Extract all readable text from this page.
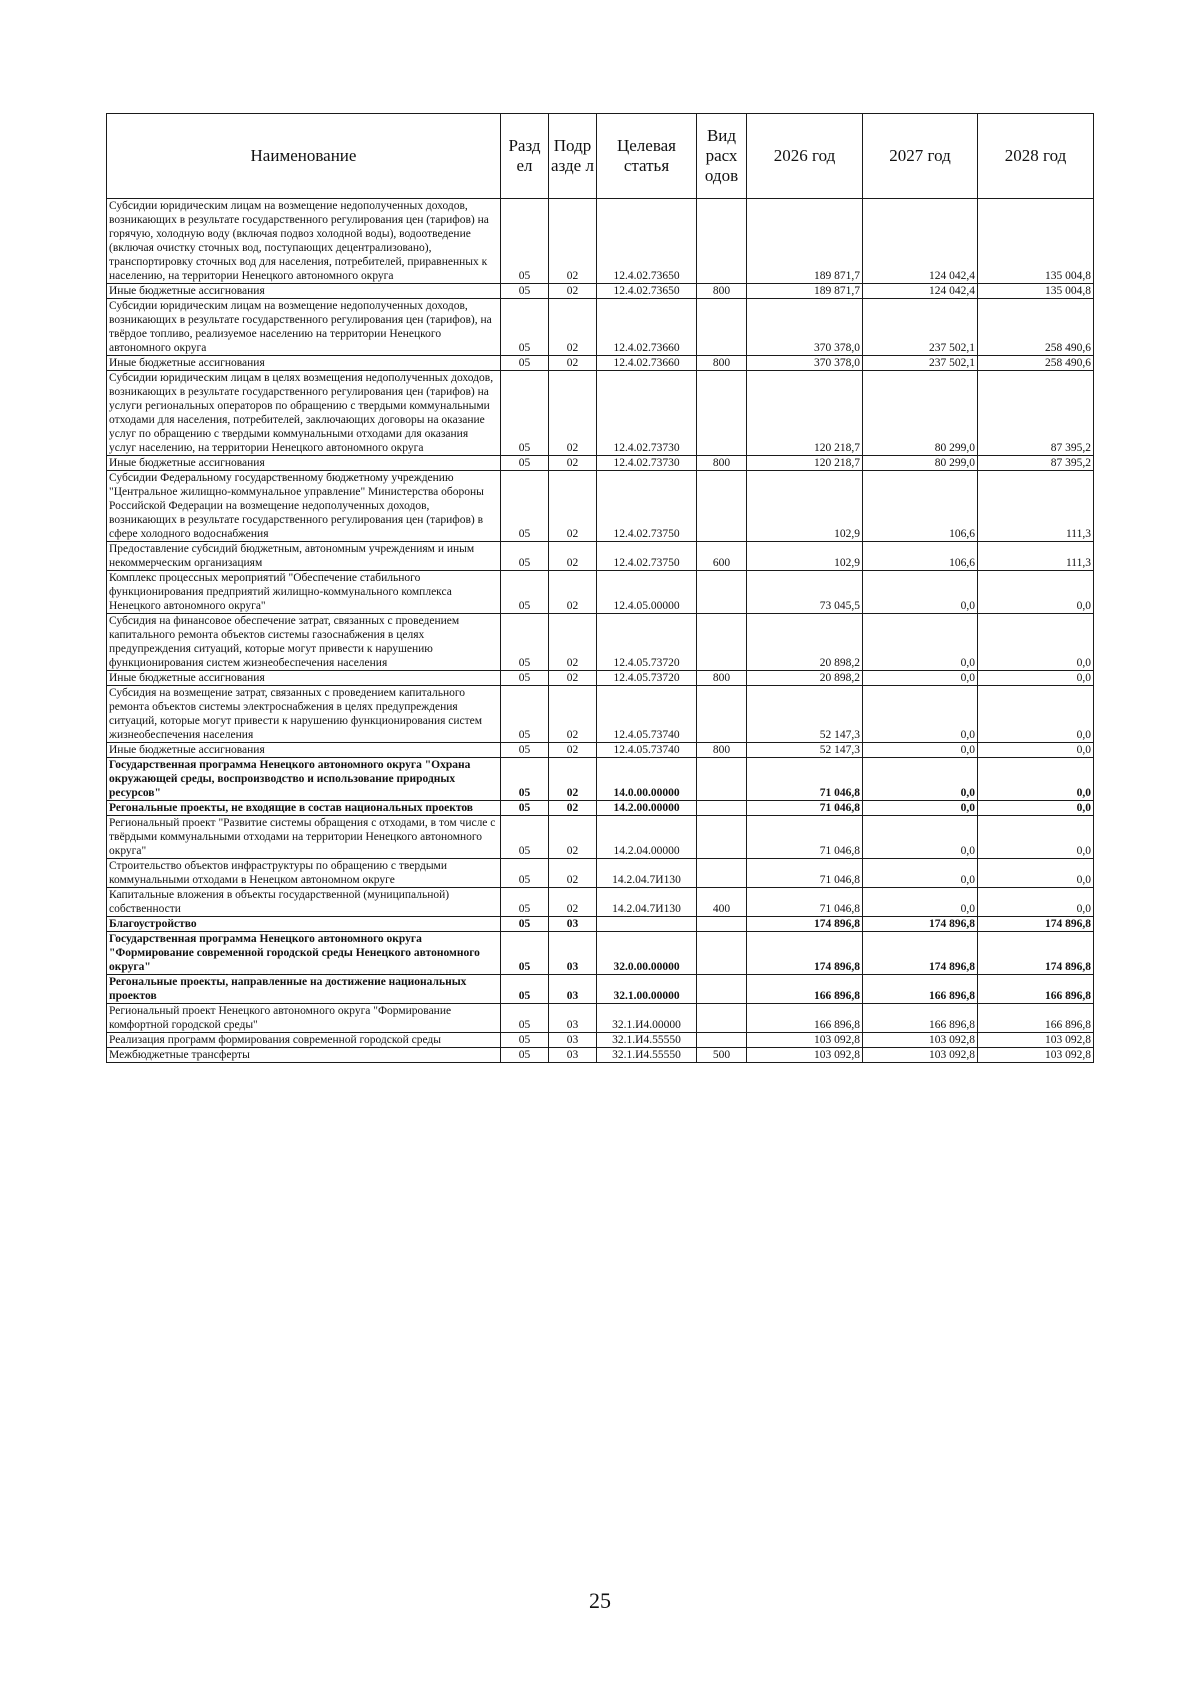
Наименование	Разд ел	Подр азде л	Целевая статья	Вид расх одов	2026 год	2027 год	2028 год
Субсидии юридическим лицам на возмещение недополученных доходов, возникающих в результате государственного регулирования цен (тарифов) на горячую, холодную воду (включая подвоз холодной воды), водоотведение (включая очистку сточных вод, поступающих децентрализовано), транспортировку сточных вод для населения, потребителей, приравненных к населению, на территории Ненецкого автономного округа	05	02	12.4.02.73650		189 871,7	124 042,4	135 004,8
Иные бюджетные ассигнования	05	02	12.4.02.73650	800	189 871,7	124 042,4	135 004,8
Субсидии юридическим лицам на возмещение недополученных доходов, возникающих в результате государственного регулирования цен (тарифов), на твёрдое топливо, реализуемое населению на территории Ненецкого автономного округа	05	02	12.4.02.73660		370 378,0	237 502,1	258 490,6
Иные бюджетные ассигнования	05	02	12.4.02.73660	800	370 378,0	237 502,1	258 490,6
Субсидии юридическим лицам в целях возмещения недополученных доходов, возникающих в результате государственного регулирования цен (тарифов) на услуги региональных операторов по обращению с твердыми коммунальными отходами для населения, потребителей, заключающих договоры на оказание услуг по обращению с твердыми коммунальными отходами для оказания услуг населению, на территории Ненецкого автономного округа	05	02	12.4.02.73730		120 218,7	80 299,0	87 395,2
Иные бюджетные ассигнования	05	02	12.4.02.73730	800	120 218,7	80 299,0	87 395,2
Субсидии Федеральному государственному бюджетному учреждению "Центральное жилищно-коммунальное управление" Министерства обороны Российской Федерации на возмещение недополученных доходов, возникающих в результате государственного регулирования цен (тарифов) в сфере холодного водоснабжения	05	02	12.4.02.73750		102,9	106,6	111,3
Предоставление субсидий бюджетным, автономным учреждениям и иным некоммерческим организациям	05	02	12.4.02.73750	600	102,9	106,6	111,3
Комплекс процессных мероприятий "Обеспечение стабильного функционирования предприятий жилищно-коммунального комплекса Ненецкого автономного округа"	05	02	12.4.05.00000		73 045,5	0,0	0,0
Субсидия на финансовое обеспечение затрат, связанных с проведением капитального ремонта объектов системы газоснабжения в целях предупреждения ситуаций, которые могут привести к нарушению функционирования систем жизнеобеспечения населения	05	02	12.4.05.73720		20 898,2	0,0	0,0
Иные бюджетные ассигнования	05	02	12.4.05.73720	800	20 898,2	0,0	0,0
Субсидия на возмещение затрат, связанных с проведением капитального ремонта объектов системы электроснабжения в целях предупреждения ситуаций, которые могут привести к нарушению функционирования систем жизнеобеспечения населения	05	02	12.4.05.73740		52 147,3	0,0	0,0
Иные бюджетные ассигнования	05	02	12.4.05.73740	800	52 147,3	0,0	0,0
Государственная программа Ненецкого автономного округа "Охрана окружающей среды, воспроизводство и использование природных ресурсов"	05	02	14.0.00.00000		71 046,8	0,0	0,0
Регональные проекты, не входящие в состав национальных проектов	05	02	14.2.00.00000		71 046,8	0,0	0,0
Региональный проект "Развитие системы обращения с отходами, в том числе с твёрдыми коммунальными отходами на территории Ненецкого автономного округа"	05	02	14.2.04.00000		71 046,8	0,0	0,0
Строительство объектов инфраструктуры по обращению с твердыми коммунальными отходами в Ненецком автономном округе	05	02	14.2.04.7И130		71 046,8	0,0	0,0
Капитальные вложения в объекты государственной (муниципальной) собственности	05	02	14.2.04.7И130	400	71 046,8	0,0	0,0
Благоустройство	05	03			174 896,8	174 896,8	174 896,8
Государственная программа Ненецкого автономного округа "Формирование современной городской среды Ненецкого автономного округа"	05	03	32.0.00.00000		174 896,8	174 896,8	174 896,8
Регональные проекты, направленные на достижение национальных проектов	05	03	32.1.00.00000		166 896,8	166 896,8	166 896,8
Региональный проект Ненецкого автономного округа "Формирование комфортной городской среды"	05	03	32.1.И4.00000		166 896,8	166 896,8	166 896,8
Реализация программ формирования современной городской среды	05	03	32.1.И4.55550		103 092,8	103 092,8	103 092,8
Межбюджетные трансферты	05	03	32.1.И4.55550	500	103 092,8	103 092,8	103 092,8
25
